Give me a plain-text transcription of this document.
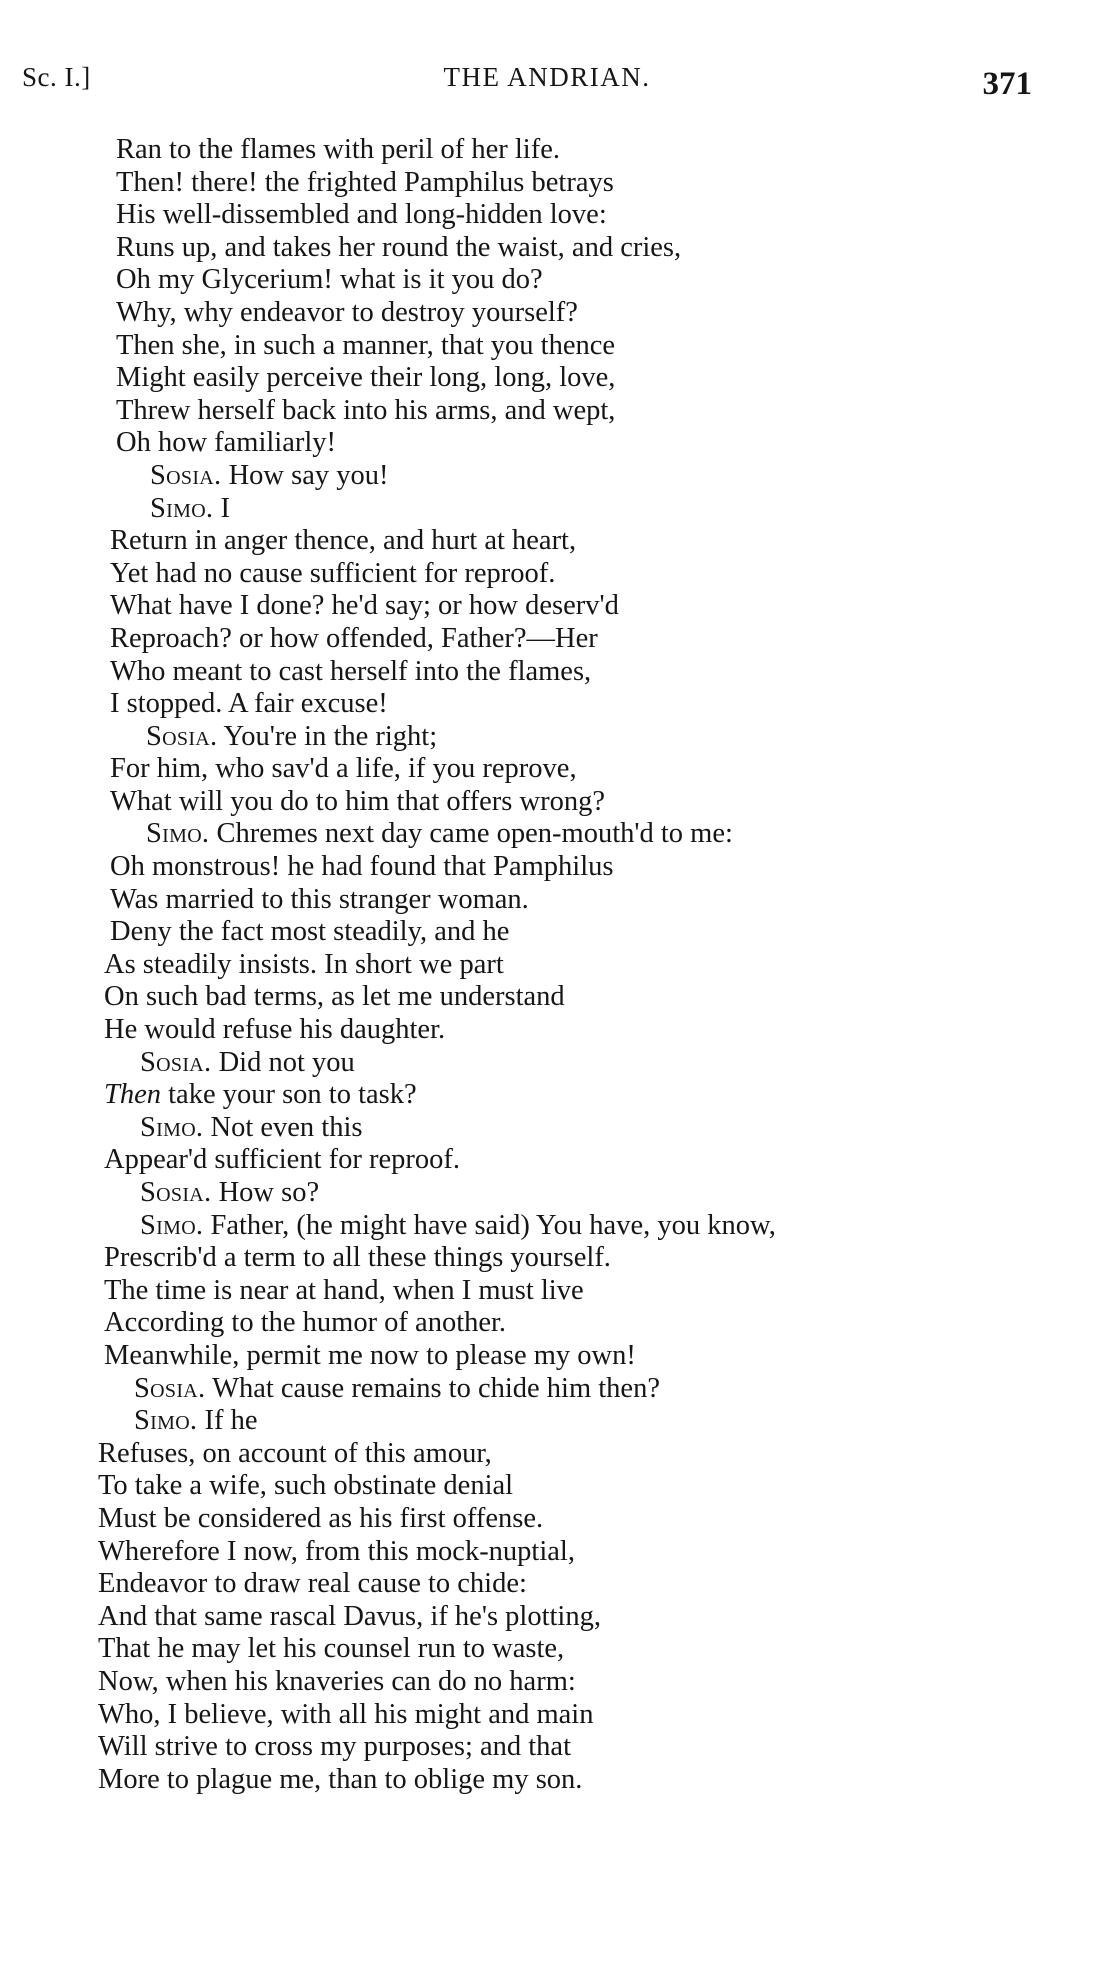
Sc. I.]	THE ANDRIAN.	371
Ran to the flames with peril of her life.
Then! there! the frighted Pamphilus betrays
His well-dissembled and long-hidden love:
Runs up, and takes her round the waist, and cries,
Oh my Glycerium! what is it you do?
Why, why endeavor to destroy yourself?
Then she, in such a manner, that you thence
Might easily perceive their long, long, love,
Threw herself back into his arms, and wept,
Oh how familiarly!
Sosia. How say you!
Simo. I
Return in anger thence, and hurt at heart,
Yet had no cause sufficient for reproof.
What have I done? he'd say; or how deserv'd
Reproach? or how offended, Father?—Her
Who meant to cast herself into the flames,
I stopped. A fair excuse!
Sosia. You're in the right;
For him, who sav'd a life, if you reprove,
What will you do to him that offers wrong?
Simo. Chremes next day came open-mouth'd to me:
Oh monstrous! he had found that Pamphilus
Was married to this stranger woman.
Deny the fact most steadily, and he
As steadily insists. In short we part
On such bad terms, as let me understand
He would refuse his daughter.
Sosia. Did not you
Then take your son to task?
Simo. Not even this
Appear'd sufficient for reproof.
Sosia. How so?
Simo. Father, (he might have said) You have, you know,
Prescrib'd a term to all these things yourself.
The time is near at hand, when I must live
According to the humor of another.
Meanwhile, permit me now to please my own!
Sosia. What cause remains to chide him then?
Simo. If he
Refuses, on account of this amour,
To take a wife, such obstinate denial
Must be considered as his first offense.
Wherefore I now, from this mock-nuptial,
Endeavor to draw real cause to chide:
And that same rascal Davus, if he's plotting,
That he may let his counsel run to waste,
Now, when his knaveries can do no harm:
Who, I believe, with all his might and main
Will strive to cross my purposes; and that
More to plague me, than to oblige my son.
